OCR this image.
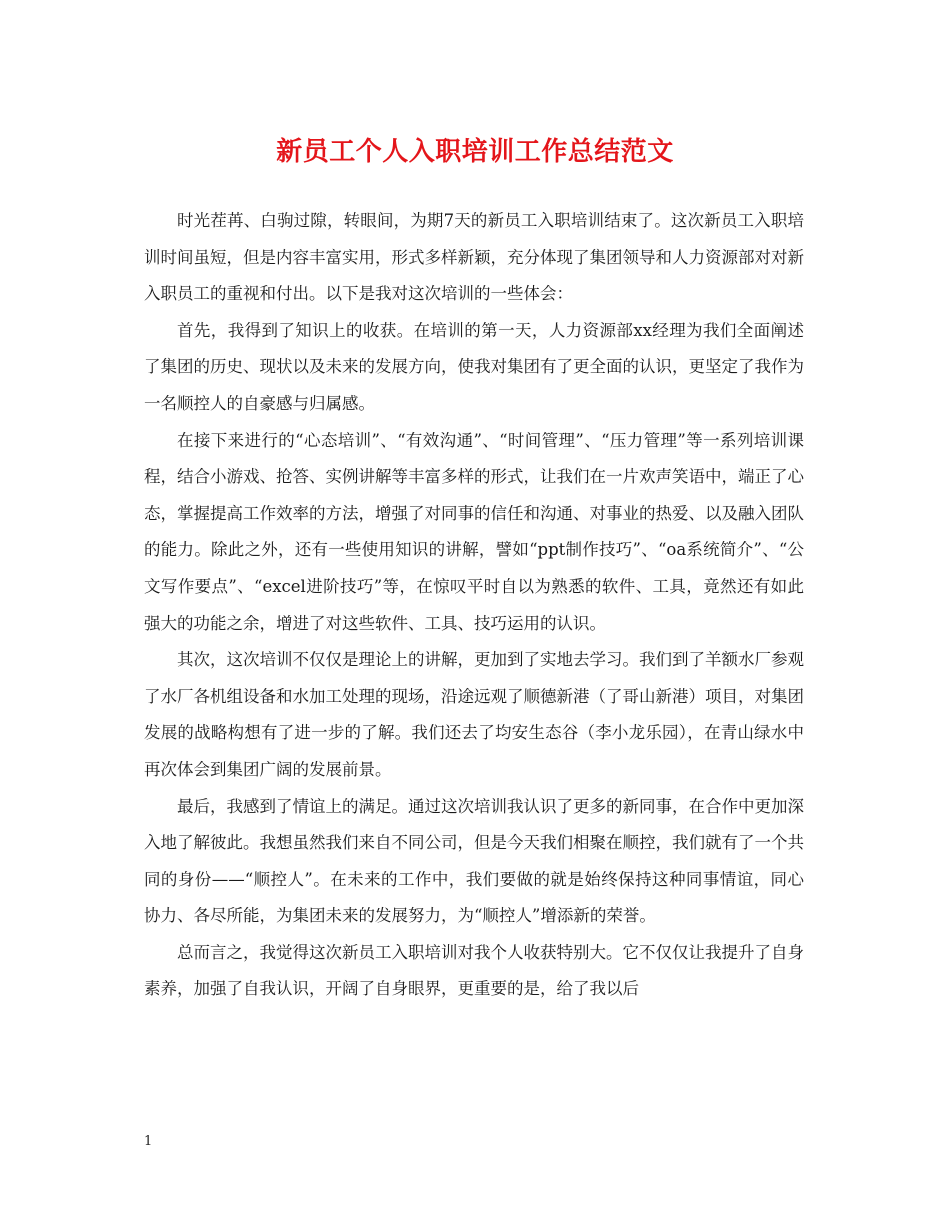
新员工个人入职培训工作总结范文

时光茬苒、白驹过隙，转眼间，为期7天的新员工入职培训结束了。这次新员工入职培训时间虽短，但是内容丰富实用，形式多样新颖，充分体现了集团领导和人力资源部对对新入职员工的重视和付出。以下是我对这次培训的一些体会：

首先，我得到了知识上的收获。在培训的第一天，人力资源部xx经理为我们全面阐述了集团的历史、现状以及未来的发展方向，使我对集团有了更全面的认识，更坚定了我作为一名顺控人的自豪感与归属感。

在接下来进行的“心态培训”、“有效沟通”、“时间管理”、“压力管理”等一系列培训课程，结合小游戏、抢答、实例讲解等丰富多样的形式，让我们在一片欢声笑语中，端正了心态，掌握提高工作效率的方法，增强了对同事的信任和沟通、对事业的热爱、以及融入团队的能力。除此之外，还有一些使用知识的讲解，譬如“ppt制作技巧”、“oa系统简介”、“公文写作要点”、“excel进阶技巧”等，在惊叹平时自以为熟悉的软件、工具，竟然还有如此强大的功能之余，增进了对这些软件、工具、技巧运用的认识。

其次，这次培训不仅仅是理论上的讲解，更加到了实地去学习。我们到了羊额水厂参观了水厂各机组设备和水加工处理的现场，沿途远观了顺德新港（了哥山新港）项目，对集团发展的战略构想有了进一步的了解。我们还去了均安生态谷（李小龙乐园），在青山绿水中再次体会到集团广阔的发展前景。

最后，我感到了情谊上的满足。通过这次培训我认识了更多的新同事，在合作中更加深入地了解彼此。我想虽然我们来自不同公司，但是今天我们相聚在顺控，我们就有了一个共同的身份——“顺控人”。在未来的工作中，我们要做的就是始终保持这种同事情谊，同心协力、各尽所能，为集团未来的发展努力，为“顺控人”增添新的荣誉。

总而言之，我觉得这次新员工入职培训对我个人收获特别大。它不仅仅让我提升了自身素养，加强了自我认识，开阔了自身眼界，更重要的是，给了我以后

1
